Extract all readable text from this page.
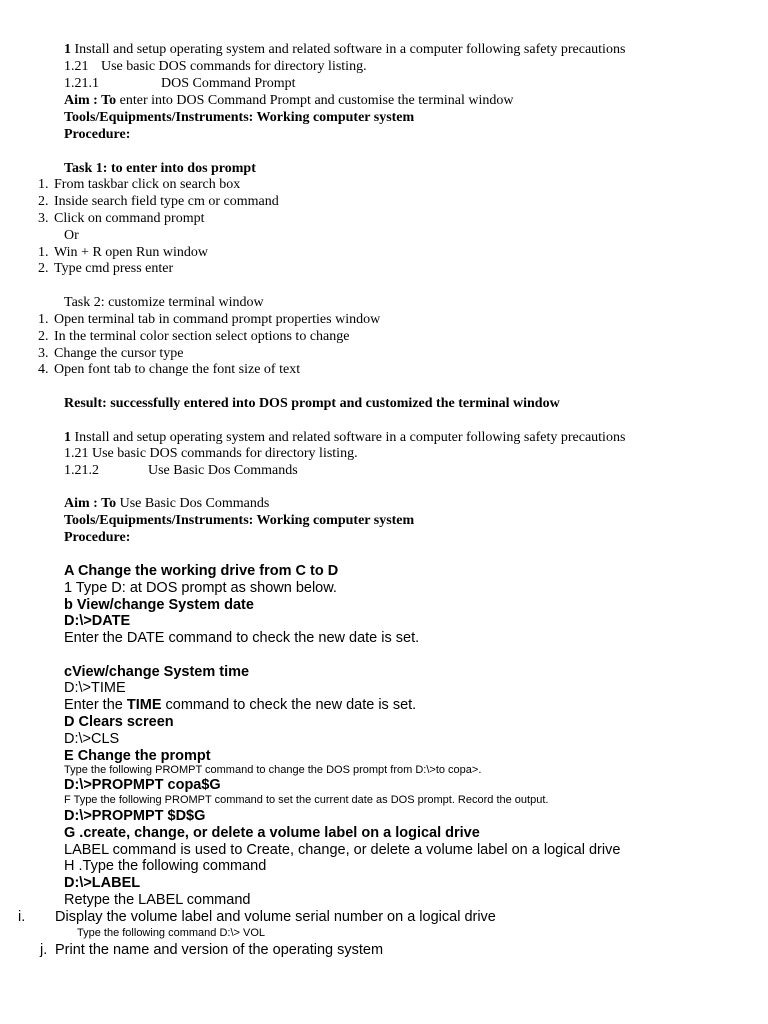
1 Install and setup operating system and related software in a computer following safety precautions
1.21 Use basic DOS commands for directory listing.
1.21.1	DOS Command Prompt
Aim : To enter into DOS Command Prompt and customise the terminal window
Tools/Equipments/Instruments: Working computer system
Procedure:
Task 1: to enter into dos prompt
1. From taskbar click on search box
2. Inside search field type cm or command
3. Click on command prompt
Or
1. Win + R open Run window
2. Type cmd press enter
Task 2: customize terminal window
1. Open terminal tab in command prompt properties window
2. In the terminal color section select options to change
3. Change the cursor type
4. Open font tab to change the font size of text
Result: successfully entered into DOS prompt and customized the terminal window
1 Install and setup operating system and related software in a computer following safety precautions
1.21 Use basic DOS commands for directory listing.
1.21.2	Use Basic Dos Commands
Aim : To Use Basic Dos Commands
Tools/Equipments/Instruments: Working computer system
Procedure:
A Change the working drive from C to D
1 Type D: at DOS prompt as shown below.
b View/change System date
D:\>DATE
Enter the DATE command to check the new date is set.
cView/change System time
D:\>TIME
Enter the TIME command to check the new date is set.
D Clears screen
D:\>CLS
E Change the prompt
Type the following PROMPT command to change the DOS prompt from D:\>to copa>.
D:\>PROPMPT copa$G
F Type the following PROMPT command to set the current date as DOS prompt. Record the output.
D:\>PROPMPT $D$G
G .create, change, or delete a volume label on a logical drive
LABEL command is used to Create, change, or delete a volume label on a logical drive
H .Type the following command
D:\>LABEL
Retype the LABEL command
i. Display the volume label and volume serial number on a logical drive
Type the following command D:\> VOL
j. Print the name and version of the operating system
